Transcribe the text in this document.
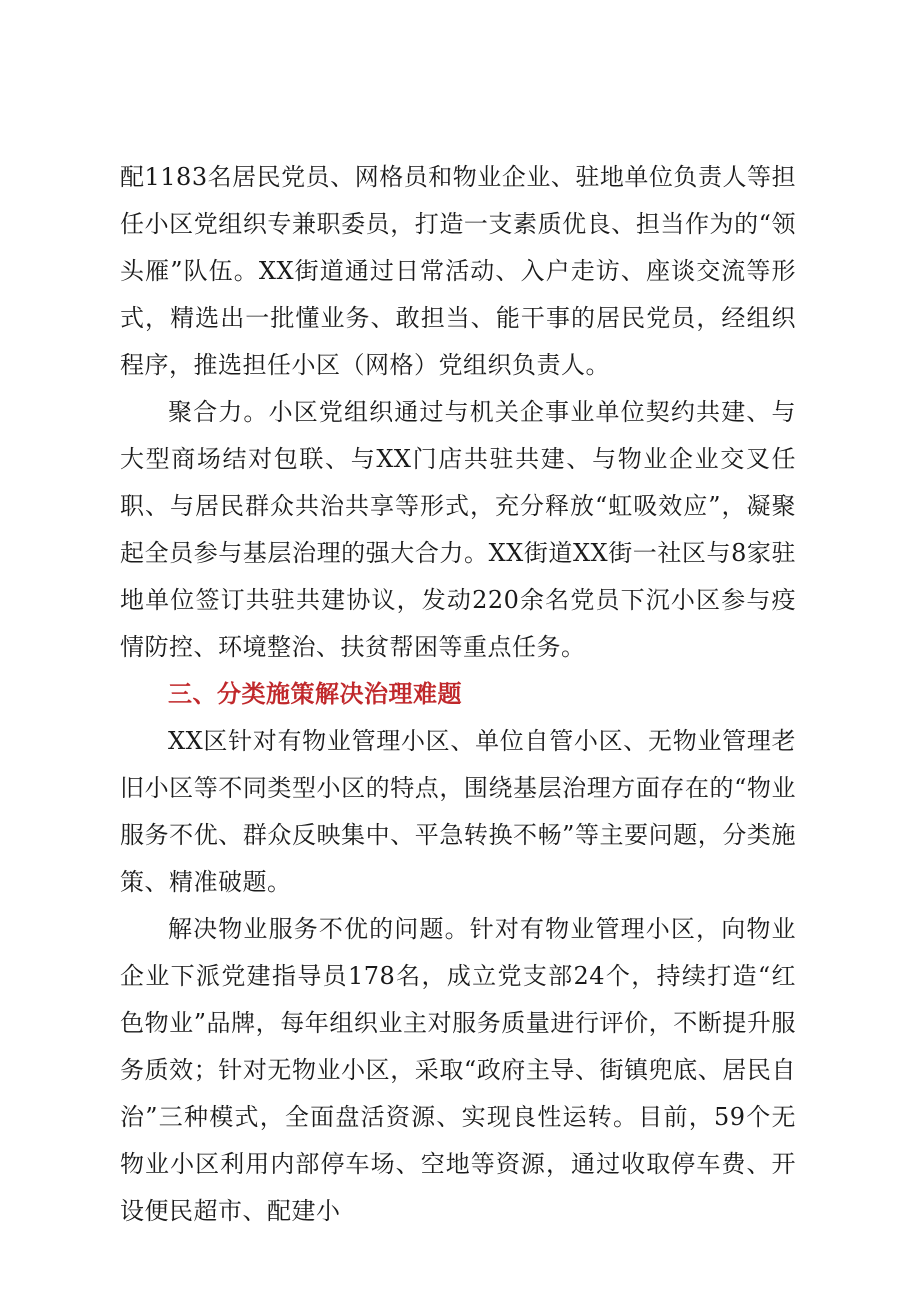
配1183名居民党员、网格员和物业企业、驻地单位负责人等担任小区党组织专兼职委员，打造一支素质优良、担当作为的“领头雁”队伍。XX街道通过日常活动、入户走访、座谈交流等形式，精选出一批懂业务、敢担当、能干事的居民党员，经组织程序，推选担任小区（网格）党组织负责人。

聚合力。小区党组织通过与机关企事业单位契约共建、与大型商场结对包联、与XX门店共驻共建、与物业企业交叉任职、与居民群众共治共享等形式，充分释放“虹吸效应”，凝聚起全员参与基层治理的强大合力。XX街道XX街一社区与8家驻地单位签订共驻共建协议，发动220余名党员下沉小区参与疫情防控、环境整治、扶贫帮困等重点任务。

三、分类施策解决治理难题

XX区针对有物业管理小区、单位自管小区、无物业管理老旧小区等不同类型小区的特点，围绕基层治理方面存在的“物业服务不优、群众反映集中、平急转换不畅”等主要问题，分类施策、精准破题。

解决物业服务不优的问题。针对有物业管理小区，向物业企业下派党建指导员178名，成立党支部24个，持续打造“红色物业”品牌，每年组织业主对服务质量进行评价，不断提升服务质效；针对无物业小区，采取“政府主导、街镇兜底、居民自治”三种模式，全面盘活资源、实现良性运转。目前，59个无物业小区利用内部停车场、空地等资源，通过收取停车费、开设便民超市、配建小
